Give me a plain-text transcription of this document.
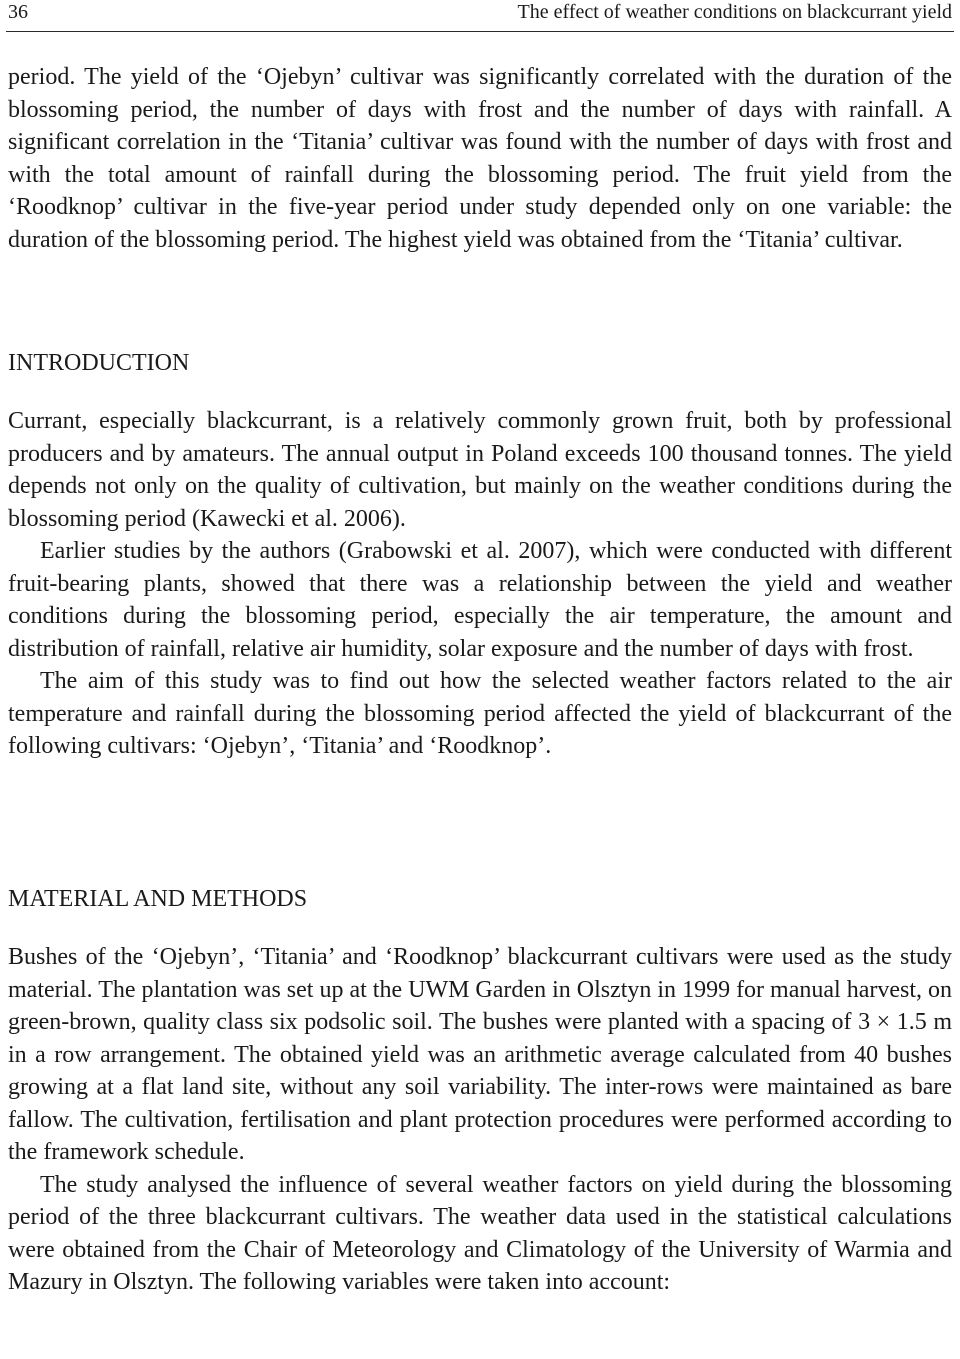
36	The effect of weather conditions on blackcurrant yield

period. The yield of the ‘Ojebyn’ cultivar was significantly correlated with the duration of the blossoming period, the number of days with frost and the number of days with rainfall. A significant correlation in the ‘Titania’ cultivar was found with the number of days with frost and with the total amount of rainfall during the blossoming period. The fruit yield from the ‘Roodknop’ cultivar in the five-year period under study depended only on one variable: the duration of the blossoming period. The highest yield was obtained from the ‘Titania’ cultivar.

INTRODUCTION

Currant, especially blackcurrant, is a relatively commonly grown fruit, both by professional producers and by amateurs. The annual output in Poland exceeds 100 thousand tonnes. The yield depends not only on the quality of cultivation, but mainly on the weather conditions during the blossoming period (Kawecki et al. 2006).

Earlier studies by the authors (Grabowski et al. 2007), which were conducted with different fruit-bearing plants, showed that there was a relationship between the yield and weather conditions during the blossoming period, especially the air temperature, the amount and distribution of rainfall, relative air humidity, solar exposure and the number of days with frost.

The aim of this study was to find out how the selected weather factors related to the air temperature and rainfall during the blossoming period affected the yield of blackcurrant of the following cultivars: ‘Ojebyn’, ‘Titania’ and ‘Roodknop’.

MATERIAL AND METHODS

Bushes of the ‘Ojebyn’, ‘Titania’ and ‘Roodknop’ blackcurrant cultivars were used as the study material. The plantation was set up at the UWM Garden in Olsztyn in 1999 for manual harvest, on green-brown, quality class six podsolic soil. The bushes were planted with a spacing of 3 × 1.5 m in a row arrangement. The obtained yield was an arithmetic average calculated from 40 bushes growing at a flat land site, without any soil variability. The inter-rows were maintained as bare fallow. The cultivation, fertilisation and plant protection procedures were performed according to the framework schedule.

The study analysed the influence of several weather factors on yield during the blossoming period of the three blackcurrant cultivars. The weather data used in the statistical calculations were obtained from the Chair of Meteorology and Climatology of the University of Warmia and Mazury in Olsztyn. The following variables were taken into account:
